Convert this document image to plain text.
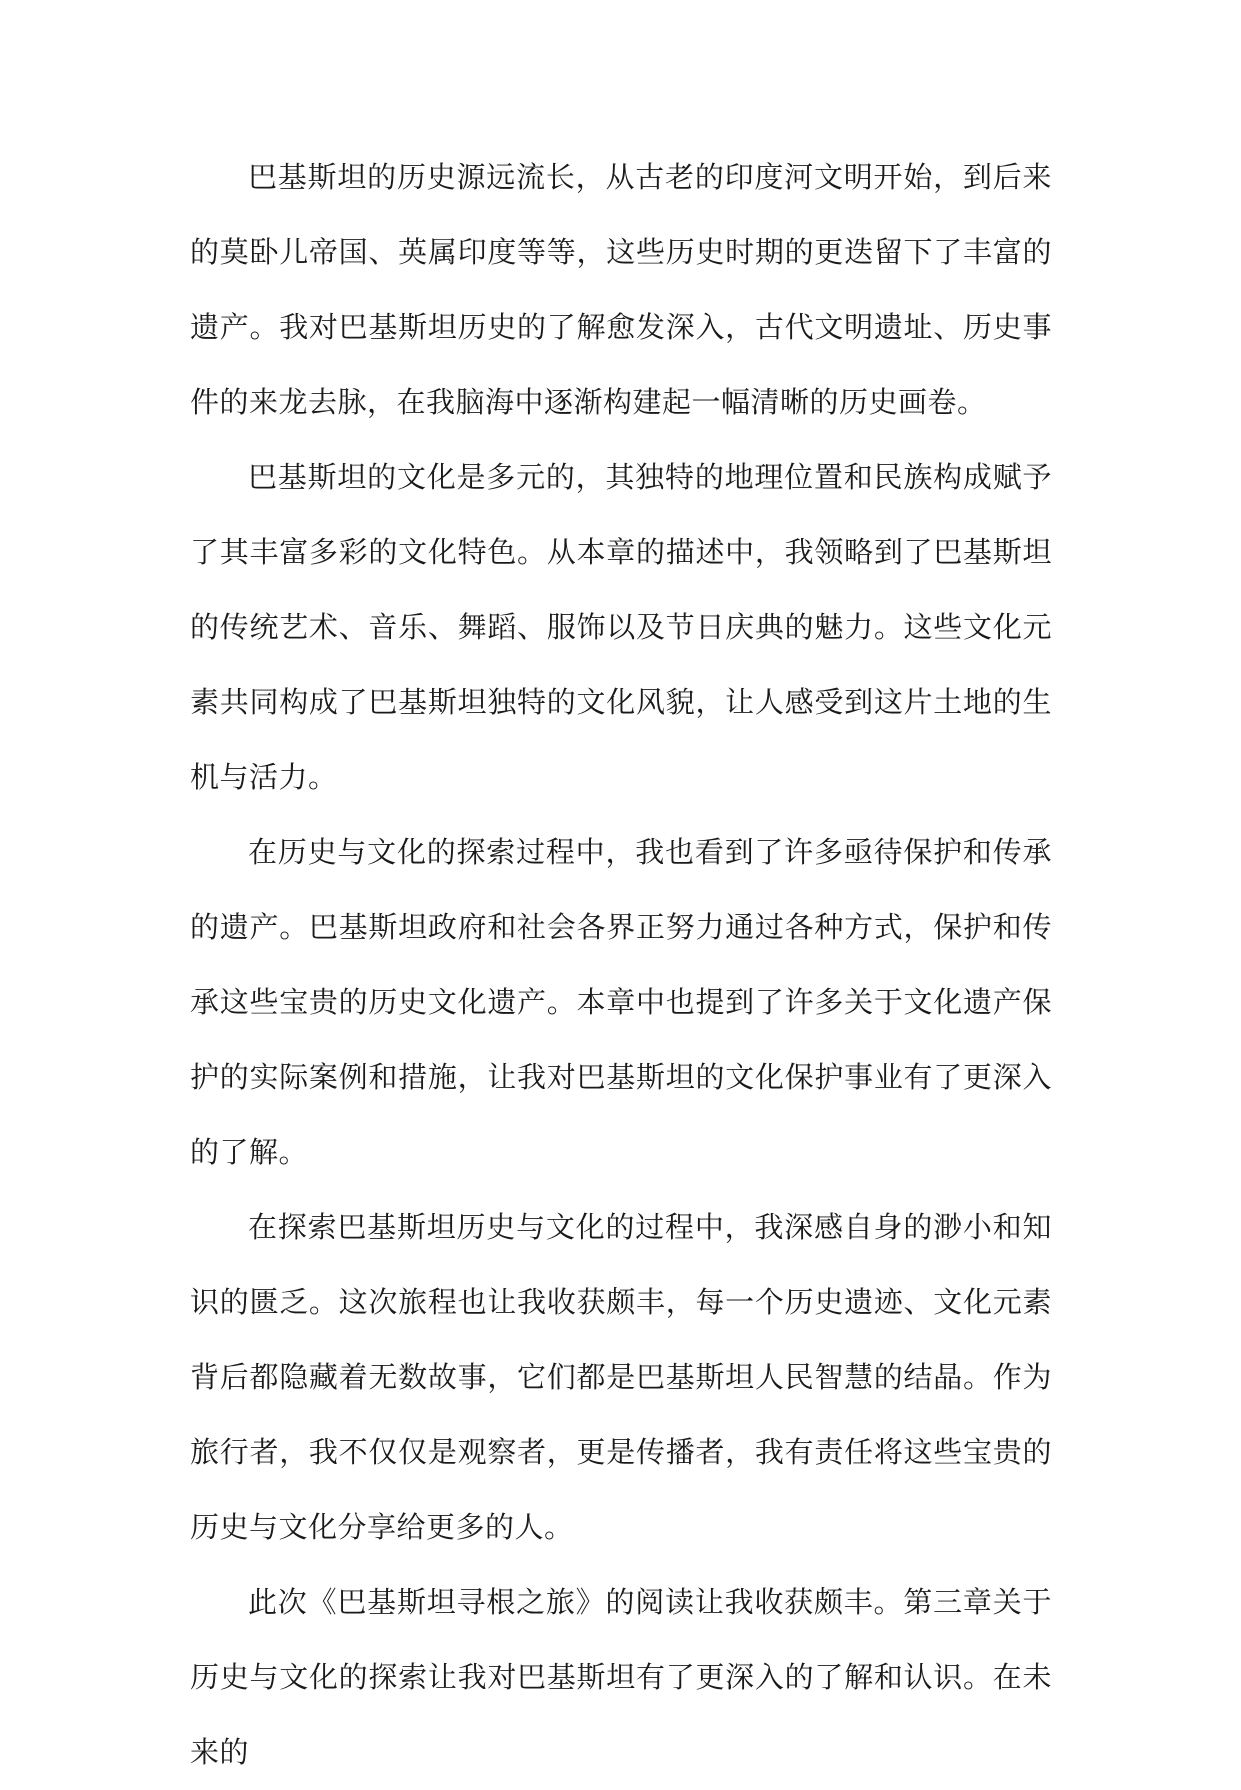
巴基斯坦的历史源远流长，从古老的印度河文明开始，到后来的莫卧儿帝国、英属印度等等，这些历史时期的更迭留下了丰富的遗产。我对巴基斯坦历史的了解愈发深入，古代文明遗址、历史事件的来龙去脉，在我脑海中逐渐构建起一幅清晰的历史画卷。

巴基斯坦的文化是多元的，其独特的地理位置和民族构成赋予了其丰富多彩的文化特色。从本章的描述中，我领略到了巴基斯坦的传统艺术、音乐、舞蹈、服饰以及节日庆典的魅力。这些文化元素共同构成了巴基斯坦独特的文化风貌，让人感受到这片土地的生机与活力。

在历史与文化的探索过程中，我也看到了许多亟待保护和传承的遗产。巴基斯坦政府和社会各界正努力通过各种方式，保护和传承这些宝贵的历史文化遗产。本章中也提到了许多关于文化遗产保护的实际案例和措施，让我对巴基斯坦的文化保护事业有了更深入的了解。

在探索巴基斯坦历史与文化的过程中，我深感自身的渺小和知识的匮乏。这次旅程也让我收获颇丰，每一个历史遗迹、文化元素背后都隐藏着无数故事，它们都是巴基斯坦人民智慧的结晶。作为旅行者，我不仅仅是观察者，更是传播者，我有责任将这些宝贵的历史与文化分享给更多的人。

此次《巴基斯坦寻根之旅》的阅读让我收获颇丰。第三章关于历史与文化的探索让我对巴基斯坦有了更深入的了解和认识。在未来的
